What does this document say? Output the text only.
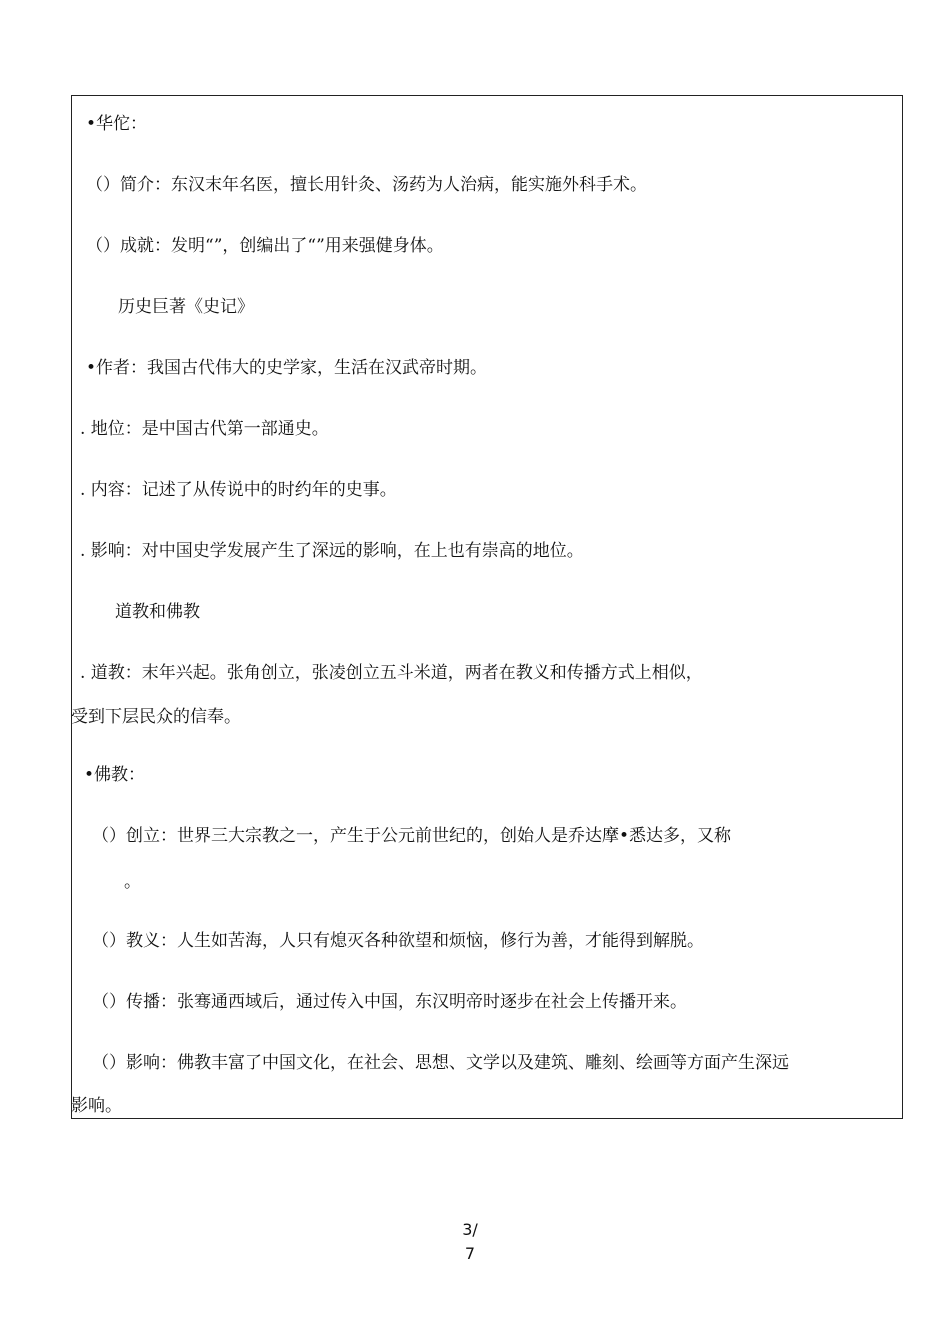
•华佗：
（）简介：东汉末年名医，擅长用针灸、汤药为人治病，能实施外科手术。
（）成就：发明“”，创编出了“”用来强健身体。
历史巨著《史记》
•作者：我国古代伟大的史学家，生活在汉武帝时期。
. 地位：是中国古代第一部通史。
. 内容：记述了从传说中的时约年的史事。
. 影响：对中国史学发展产生了深远的影响，在上也有崇高的地位。
道教和佛教
. 道教：末年兴起。张角创立，张凌创立五斗米道，两者在教义和传播方式上相似，
受到下层民众的信奉。
•佛教：
（）创立：世界三大宗教之一，产生于公元前世纪的，创始人是乔达摩•悉达多，又称
。
（）教义：人生如苦海，人只有熄灭各种欲望和烦恼，修行为善，才能得到解脱。
（）传播：张骞通西域后，通过传入中国，东汉明帝时逐步在社会上传播开来。
（）影响：佛教丰富了中国文化，在社会、思想、文学以及建筑、雕刻、绘画等方面产生深远
影响。
3/
7
